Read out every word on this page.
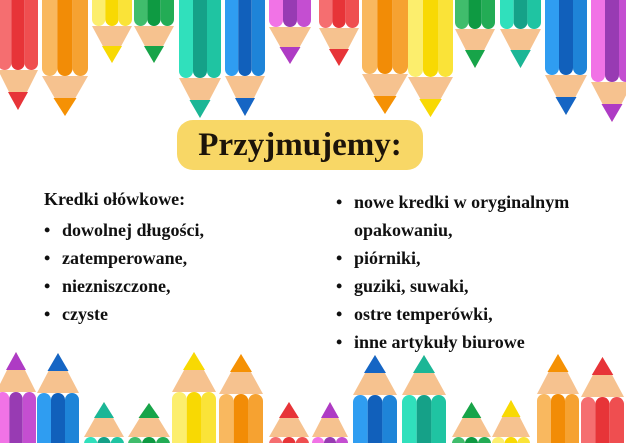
Przyjmujemy:
Kredki ołówkowe:
• dowolnej długości,
• zatemperowane,
• niezniszczone,
• czyste
• nowe kredki w oryginalnym opakowaniu,
• piórniki,
• guziki, suwaki,
• ostre temperówki,
• inne artykuły biurowe
